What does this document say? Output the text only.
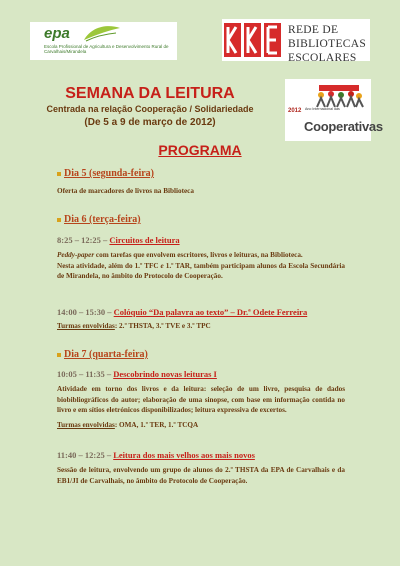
epa
Escola Profissional de Agricultura e Desenvolvimento Rural de Carvalhais/Mirandela
REDE DE
BIBLIOTECAS
ESCOLARES
2012 Ano Internacional das
Cooperativas
SEMANA DA LEITURA
Centrada na relação Cooperação / Solidariedade
(De 5 a 9 de março de 2012)
PROGRAMA
Dia 5 (segunda-feira)
Oferta de marcadores de livros na Biblioteca
Dia 6 (terça-feira)
8:25 – 12:25 – Circuitos de leitura
Peddy-paper com tarefas que envolvem escritores, livros e leituras, na Biblioteca.
Nesta atividade, além do 1.º TFC e 1.º TAR, também participam alunos da Escola Secundária de Mirandela, no âmbito do Protocolo de Cooperação.
14:00 – 15:30 – Colóquio “Da palavra ao texto” – Dr.ª Odete Ferreira
Turmas envolvidas: 2.º THSTA, 3.º TVE e 3.º TPC
Dia 7 (quarta-feira)
10:05 – 11:35 – Descobrindo novas leituras I
Atividade em torno dos livros e da leitura: seleção de um livro, pesquisa de dados biobibliográficos do autor; elaboração de uma sinopse, com base em informação contida no livro e em sítios eletrónicos disponibilizados; leitura expressiva de excertos.
Turmas envolvidas: OMA, 1.º TER, 1.º TCQA
11:40 – 12:25 – Leitura dos mais velhos aos mais novos
Sessão de leitura, envolvendo um grupo de alunos do 2.º THSTA da EPA de Carvalhais e da EB1/JI de Carvalhais, no âmbito do Protocolo de Cooperação.
